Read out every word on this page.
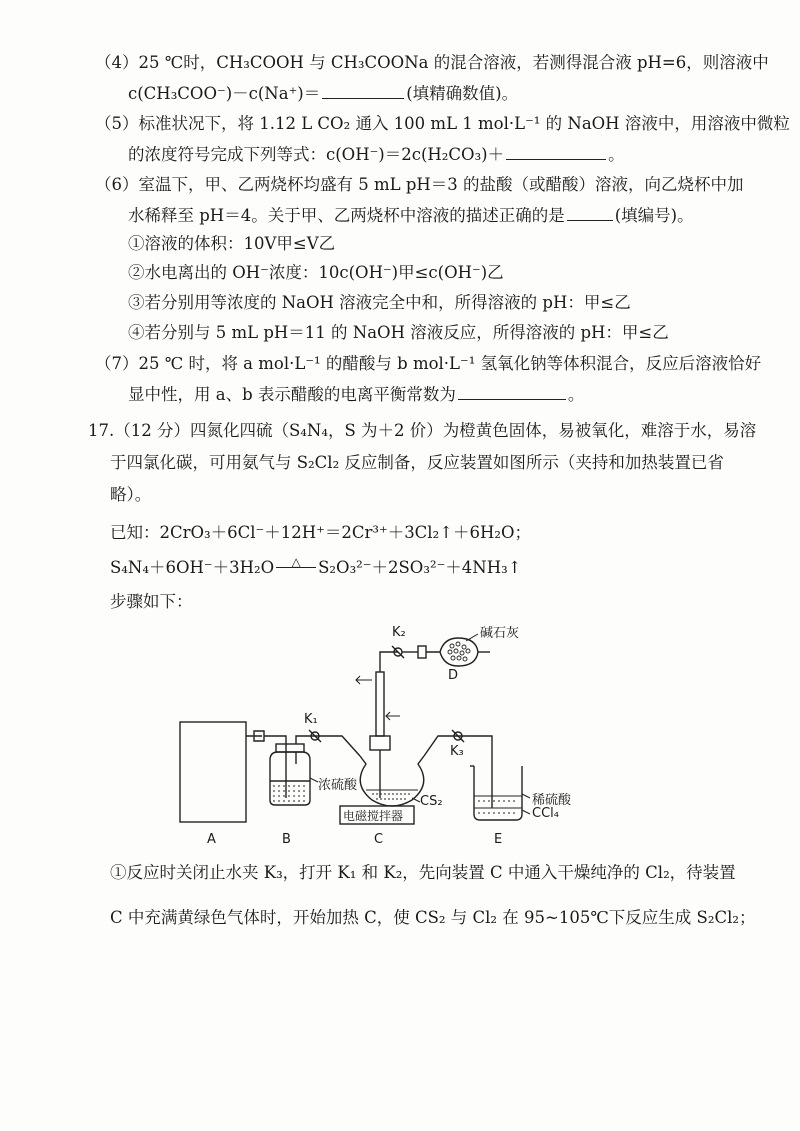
（4）25 ℃时，CH₃COOH 与 CH₃COONa 的混合溶液，若测得混合液 pH=6，则溶液中
c(CH₃COO⁻)－c(Na⁺)＝	(填精确数值)。
（5）标准状况下，将 1.12 L CO₂ 通入 100 mL 1 mol·L⁻¹ 的 NaOH 溶液中，用溶液中微粒
的浓度符号完成下列等式：c(OH⁻)＝2c(H₂CO₃)＋	。
（6）室温下，甲、乙两烧杯均盛有 5 mL pH＝3 的盐酸（或醋酸）溶液，向乙烧杯中加
水稀释至 pH＝4。关于甲、乙两烧杯中溶液的描述正确的是	(填编号)。
①溶液的体积：10V甲≤V乙
②水电离出的 OH⁻浓度：10c(OH⁻)甲≤c(OH⁻)乙
③若分别用等浓度的 NaOH 溶液完全中和，所得溶液的 pH：甲≤乙
④若分别与 5 mL pH＝11 的 NaOH 溶液反应，所得溶液的 pH：甲≤乙
（7）25 ℃ 时，将 a mol·L⁻¹ 的醋酸与 b mol·L⁻¹ 氢氧化钠等体积混合，反应后溶液恰好
显中性，用 a、b 表示醋酸的电离平衡常数为	。
17.（12 分）四氮化四硫（S₄N₄，S 为＋2 价）为橙黄色固体，易被氧化，难溶于水，易溶
于四氯化碳，可用氨气与 S₂Cl₂ 反应制备，反应装置如图所示（夹持和加热装置已省
略）。
已知：2CrO₃＋6Cl⁻＋12H⁺＝2Cr³⁺＋3Cl₂↑＋6H₂O；
S₄N₄＋6OH⁻＋3H₂O	△	S₂O₃²⁻＋2SO₃²⁻＋4NH₃↑
步骤如下：
K₂	碱石灰
D
K₁
K₃
浓硫酸
CS₂
电磁搅拌器
稀硫酸
CCl₄
A	B	C	E
①反应时关闭止水夹 K₃，打开 K₁ 和 K₂，先向装置 C 中通入干燥纯净的 Cl₂，待装置
C 中充满黄绿色气体时，开始加热 C，使 CS₂ 与 Cl₂ 在 95~105℃下反应生成 S₂Cl₂；
